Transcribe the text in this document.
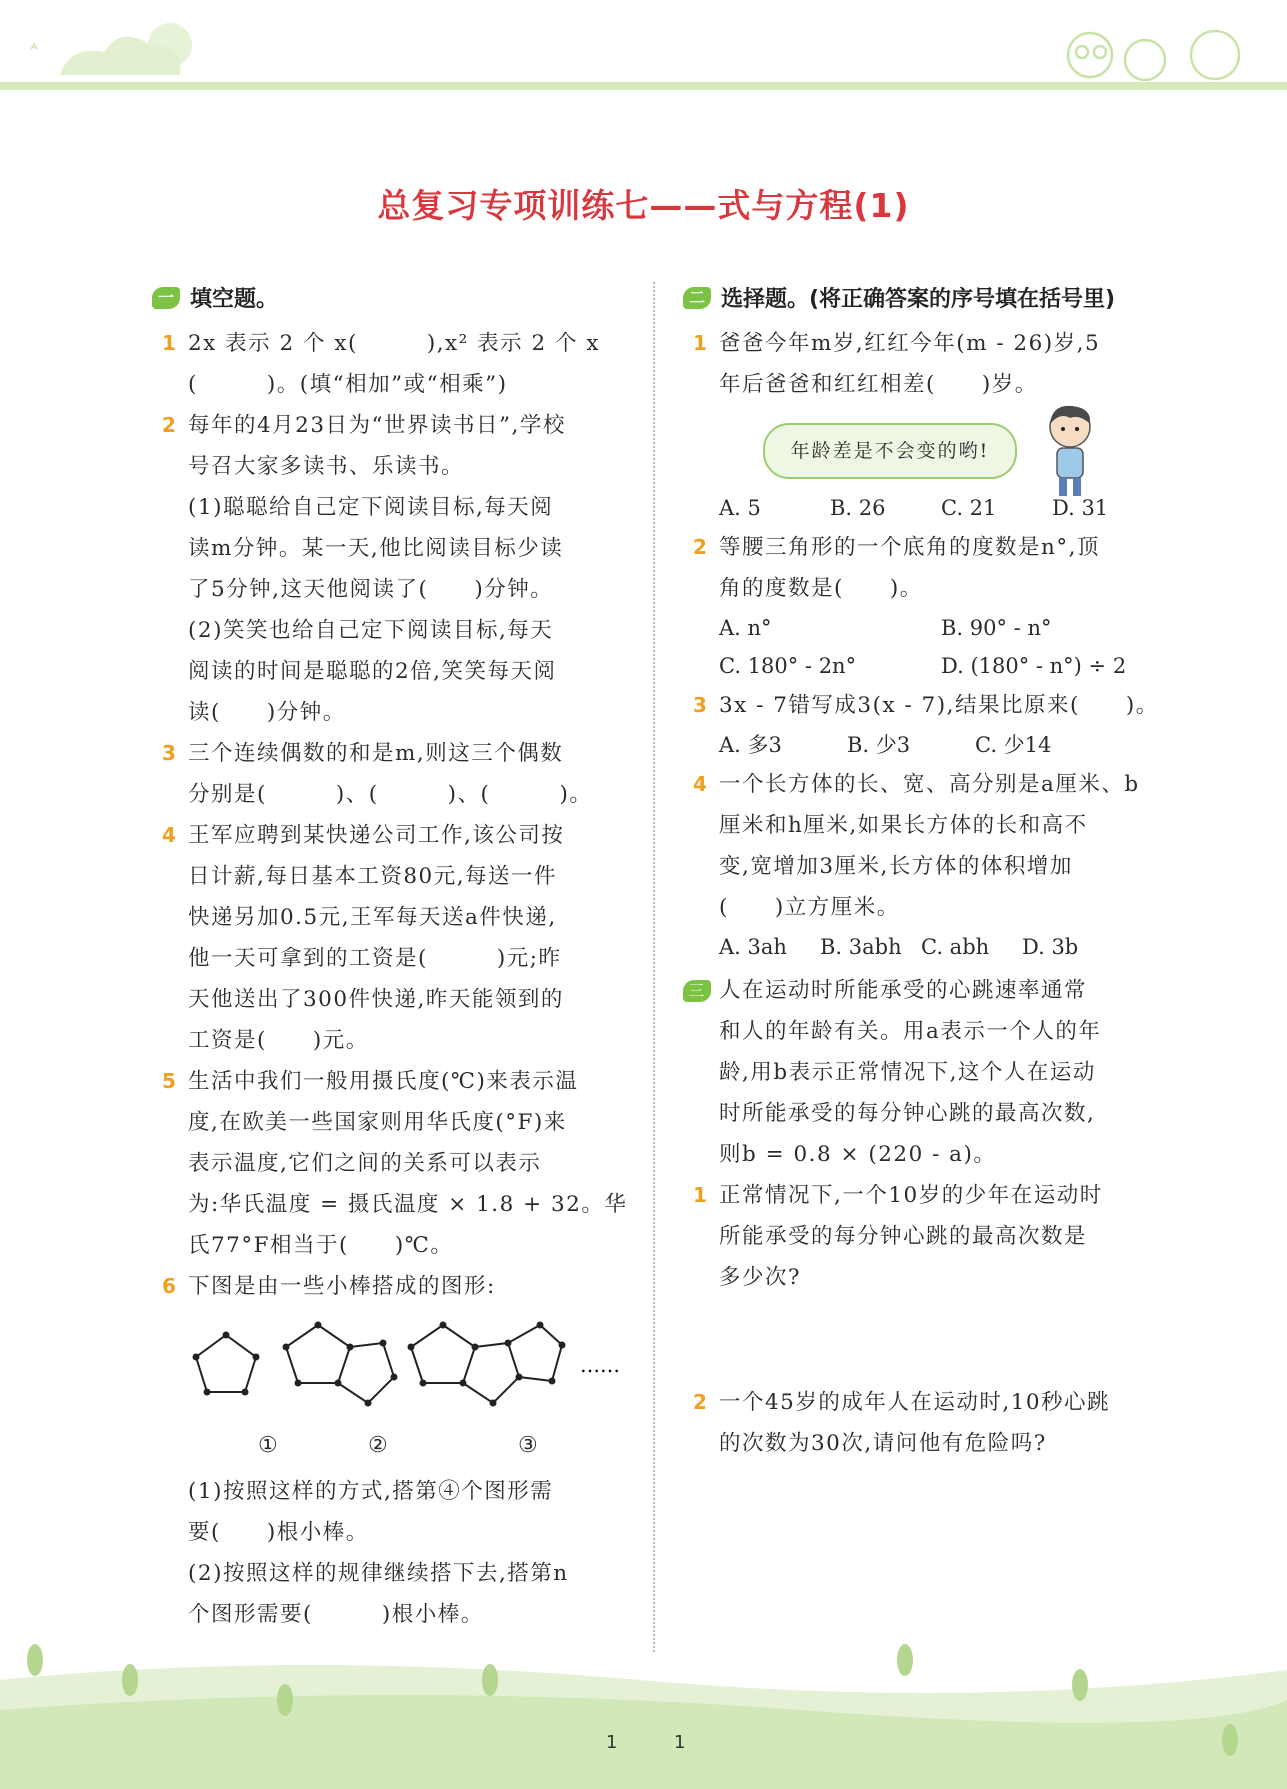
总复习专项训练七——式与方程(1)
一 填空题。
1 2x 表示 2 个 x(　　　),x² 表示 2 个 x
(　　　)。(填“相加”或“相乘”)
2 每年的4月23日为“世界读书日”,学校
号召大家多读书、乐读书。
(1)聪聪给自己定下阅读目标,每天阅
读m分钟。某一天,他比阅读目标少读
了5分钟,这天他阅读了(　　)分钟。
(2)笑笑也给自己定下阅读目标,每天
阅读的时间是聪聪的2倍,笑笑每天阅
读(　　)分钟。
3 三个连续偶数的和是m,则这三个偶数
分别是(　　　)、(　　　)、(　　　)。
4 王军应聘到某快递公司工作,该公司按
日计薪,每日基本工资80元,每送一件
快递另加0.5元,王军每天送a件快递,
他一天可拿到的工资是(　　　)元;昨
天他送出了300件快递,昨天能领到的
工资是(　　)元。
5 生活中我们一般用摄氏度(℃)来表示温
度,在欧美一些国家则用华氏度(°F)来
表示温度,它们之间的关系可以表示
为:华氏温度 = 摄氏温度 × 1.8 + 32。华
氏77°F相当于(　　)℃。
6 下图是由一些小棒搭成的图形:
……
①	②	③
(1)按照这样的方式,搭第④个图形需
要(　　)根小棒。
(2)按照这样的规律继续搭下去,搭第n
个图形需要(　　　)根小棒。
二 选择题。(将正确答案的序号填在括号里)
1 爸爸今年m岁,红红今年(m - 26)岁,5
年后爸爸和红红相差(　　)岁。
年龄差是不会变的哟!
A. 5	B. 26	C. 21	D. 31
2 等腰三角形的一个底角的度数是n°,顶
角的度数是(　　)。
A. n°	B. 90° - n°
C. 180° - 2n°	D. (180° - n°) ÷ 2
3 3x - 7错写成3(x - 7),结果比原来(　　)。
A. 多3	B. 少3	C. 少14
4 一个长方体的长、宽、高分别是a厘米、b
厘米和h厘米,如果长方体的长和高不
变,宽增加3厘米,长方体的体积增加
(　　)立方厘米。
A. 3ah	B. 3abh C. abh	D. 3b
三 人在运动时所能承受的心跳速率通常
和人的年龄有关。用a表示一个人的年
龄,用b表示正常情况下,这个人在运动
时所能承受的每分钟心跳的最高次数,
则b = 0.8 × (220 - a)。
1 正常情况下,一个10岁的少年在运动时
所能承受的每分钟心跳的最高次数是
多少次?
2 一个45岁的成年人在运动时,10秒心跳
的次数为30次,请问他有危险吗?
1	1
